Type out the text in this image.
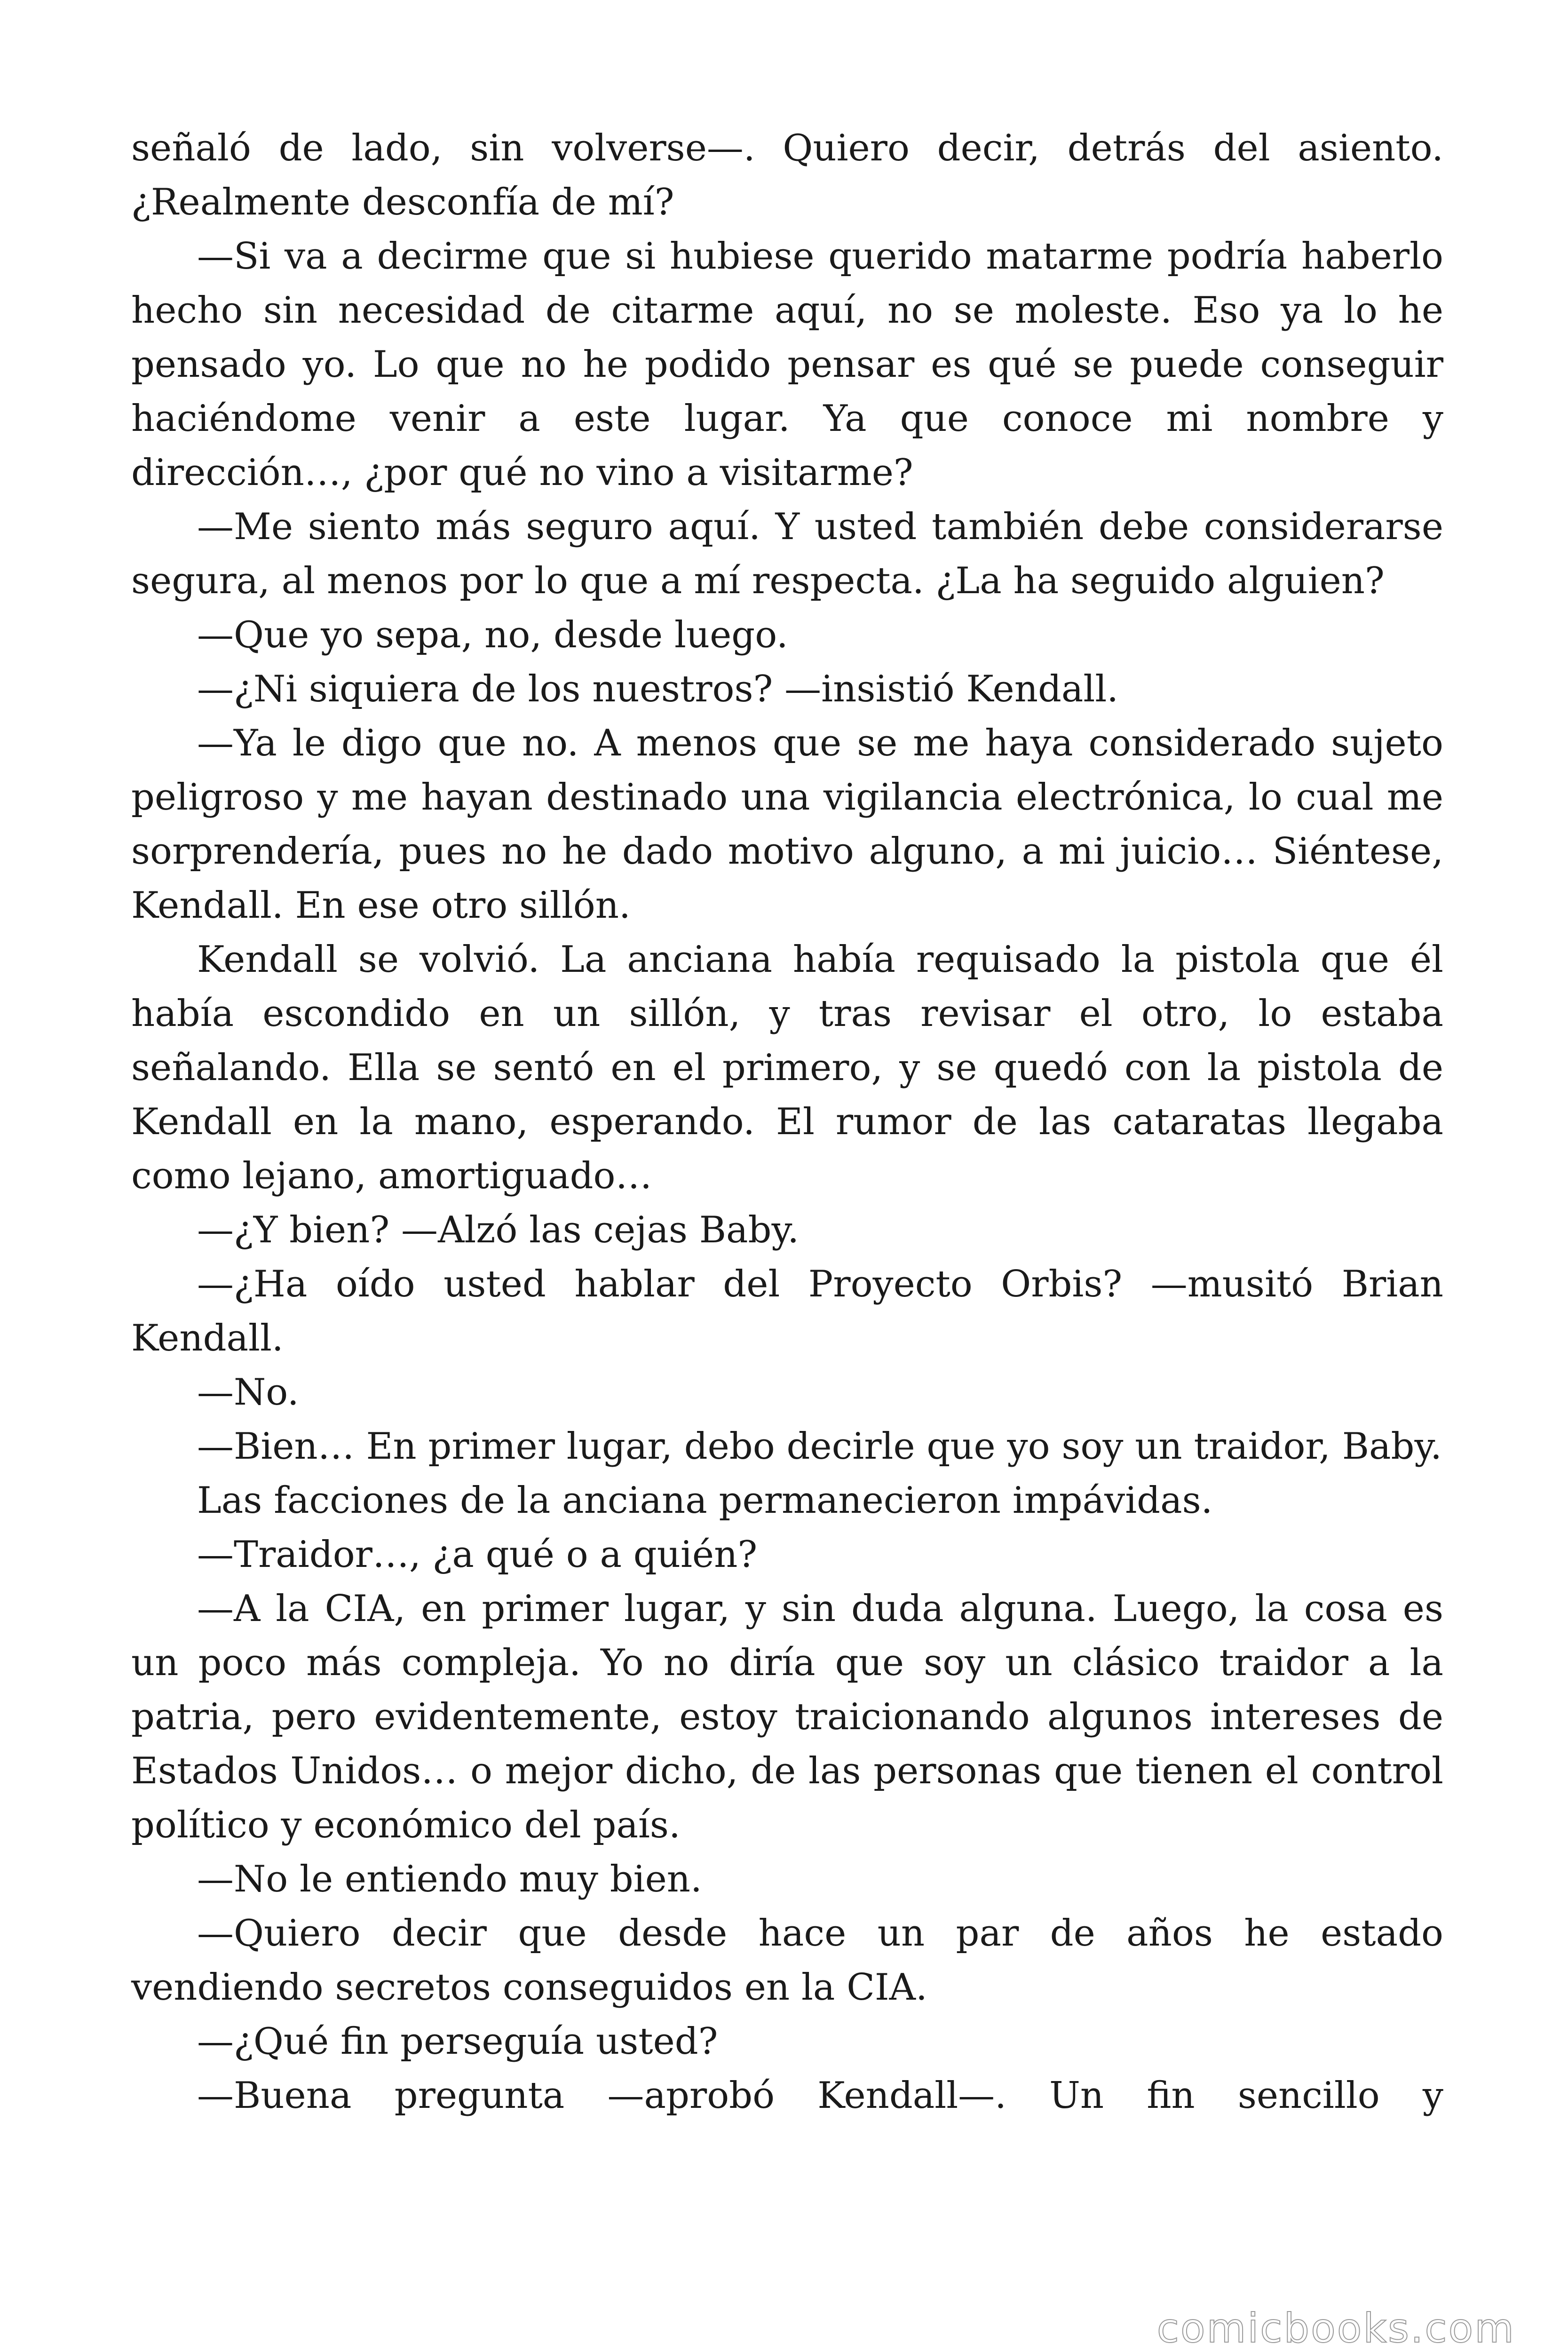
señaló de lado, sin volverse—. Quiero decir, detrás del asiento. ¿Realmente desconfía de mí?

—Si va a decirme que si hubiese querido matarme podría haberlo hecho sin necesidad de citarme aquí, no se moleste. Eso ya lo he pensado yo. Lo que no he podido pensar es qué se puede conseguir haciéndome venir a este lugar. Ya que conoce mi nombre y dirección…, ¿por qué no vino a visitarme?

—Me siento más seguro aquí. Y usted también debe considerarse segura, al menos por lo que a mí respecta. ¿La ha seguido alguien?

—Que yo sepa, no, desde luego.

—¿Ni siquiera de los nuestros? —insistió Kendall.

—Ya le digo que no. A menos que se me haya considerado sujeto peligroso y me hayan destinado una vigilancia electrónica, lo cual me sorprendería, pues no he dado motivo alguno, a mi juicio… Siéntese, Kendall. En ese otro sillón.

Kendall se volvió. La anciana había requisado la pistola que él había escondido en un sillón, y tras revisar el otro, lo estaba señalando. Ella se sentó en el primero, y se quedó con la pistola de Kendall en la mano, esperando. El rumor de las cataratas llegaba como lejano, amortiguado…

—¿Y bien? —Alzó las cejas Baby.

—¿Ha oído usted hablar del Proyecto Orbis? —musitó Brian Kendall.

—No.

—Bien… En primer lugar, debo decirle que yo soy un traidor, Baby.

Las facciones de la anciana permanecieron impávidas.

—Traidor…, ¿a qué o a quién?

—A la CIA, en primer lugar, y sin duda alguna. Luego, la cosa es un poco más compleja. Yo no diría que soy un clásico traidor a la patria, pero evidentemente, estoy traicionando algunos intereses de Estados Unidos… o mejor dicho, de las personas que tienen el control político y económico del país.

—No le entiendo muy bien.

—Quiero decir que desde hace un par de años he estado vendiendo secretos conseguidos en la CIA.

—¿Qué fin perseguía usted?

—Buena pregunta —aprobó Kendall—. Un fin sencillo y

comicbooks.com
